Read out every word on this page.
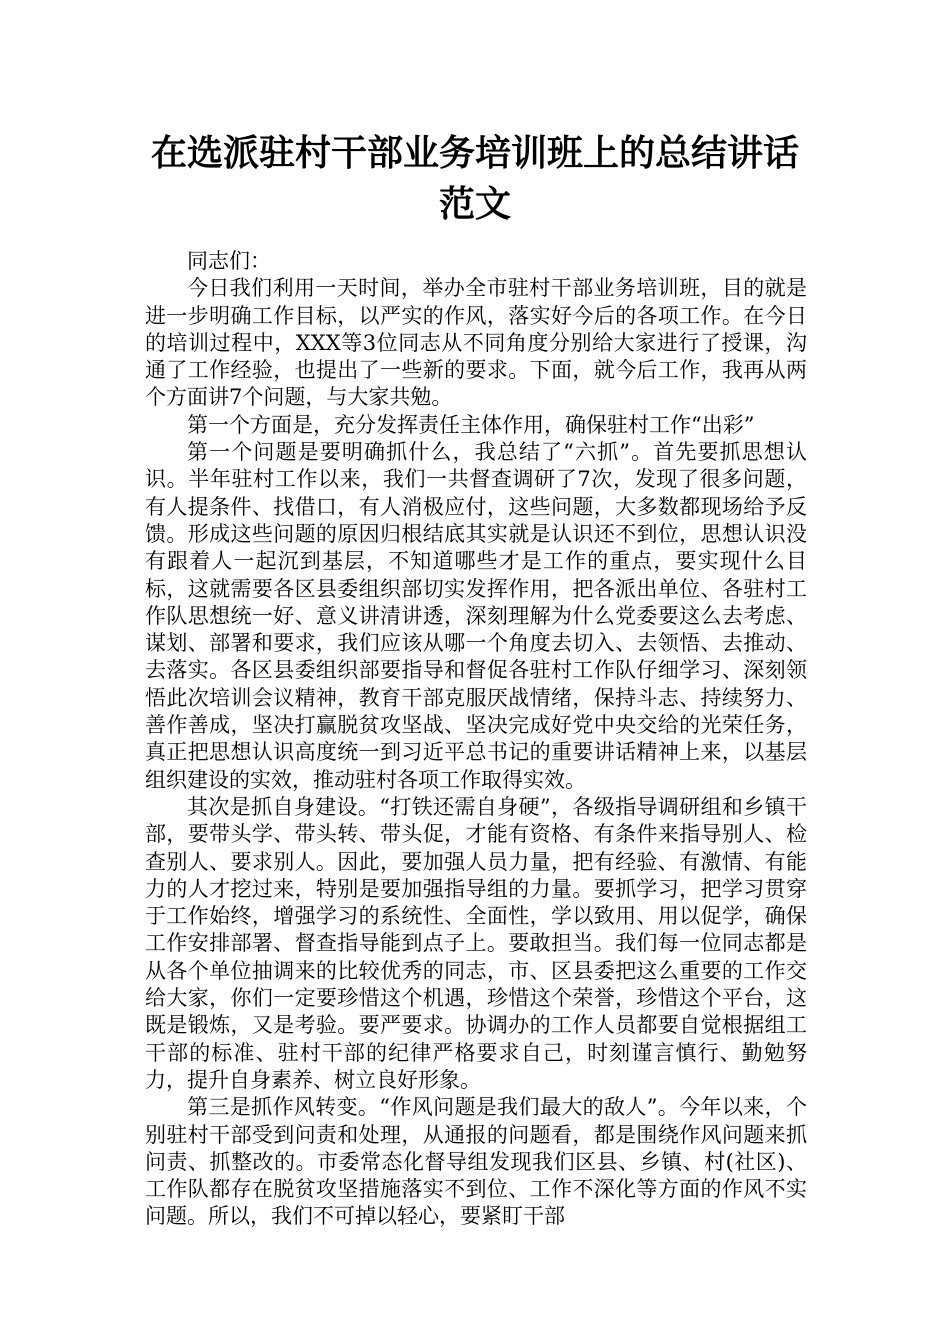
在选派驻村干部业务培训班上的总结讲话范文

同志们：

今日我们利用一天时间，举办全市驻村干部业务培训班，目的就是进一步明确工作目标，以严实的作风，落实好今后的各项工作。在今日的培训过程中，XXX等3位同志从不同角度分别给大家进行了授课，沟通了工作经验，也提出了一些新的要求。下面，就今后工作，我再从两个方面讲7个问题，与大家共勉。

第一个方面是，充分发挥责任主体作用，确保驻村工作“出彩”

第一个问题是要明确抓什么，我总结了“六抓”。首先要抓思想认识。半年驻村工作以来，我们一共督查调研了7次，发现了很多问题，有人提条件、找借口，有人消极应付，这些问题，大多数都现场给予反馈。形成这些问题的原因归根结底其实就是认识还不到位，思想认识没有跟着人一起沉到基层，不知道哪些才是工作的重点，要实现什么目标，这就需要各区县委组织部切实发挥作用，把各派出单位、各驻村工作队思想统一好、意义讲清讲透，深刻理解为什么党委要这么去考虑、谋划、部署和要求，我们应该从哪一个角度去切入、去领悟、去推动、去落实。各区县委组织部要指导和督促各驻村工作队仔细学习、深刻领悟此次培训会议精神，教育干部克服厌战情绪，保持斗志、持续努力、善作善成，坚决打赢脱贫攻坚战、坚决完成好党中央交给的光荣任务，真正把思想认识高度统一到习近平总书记的重要讲话精神上来，以基层组织建设的实效，推动驻村各项工作取得实效。

其次是抓自身建设。“打铁还需自身硬”，各级指导调研组和乡镇干部，要带头学、带头转、带头促，才能有资格、有条件来指导别人、检查别人、要求别人。因此，要加强人员力量，把有经验、有激情、有能力的人才挖过来，特别是要加强指导组的力量。要抓学习，把学习贯穿于工作始终，增强学习的系统性、全面性，学以致用、用以促学，确保工作安排部署、督查指导能到点子上。要敢担当。我们每一位同志都是从各个单位抽调来的比较优秀的同志，市、区县委把这么重要的工作交给大家，你们一定要珍惜这个机遇，珍惜这个荣誉，珍惜这个平台，这既是锻炼，又是考验。要严要求。协调办的工作人员都要自觉根据组工干部的标准、驻村干部的纪律严格要求自己，时刻谨言慎行、勤勉努力，提升自身素养、树立良好形象。

第三是抓作风转变。“作风问题是我们最大的敌人”。今年以来，个别驻村干部受到问责和处理，从通报的问题看，都是围绕作风问题来抓问责、抓整改的。市委常态化督导组发现我们区县、乡镇、村(社区)、工作队都存在脱贫攻坚措施落实不到位、工作不深化等方面的作风不实问题。所以，我们不可掉以轻心，要紧盯干部
